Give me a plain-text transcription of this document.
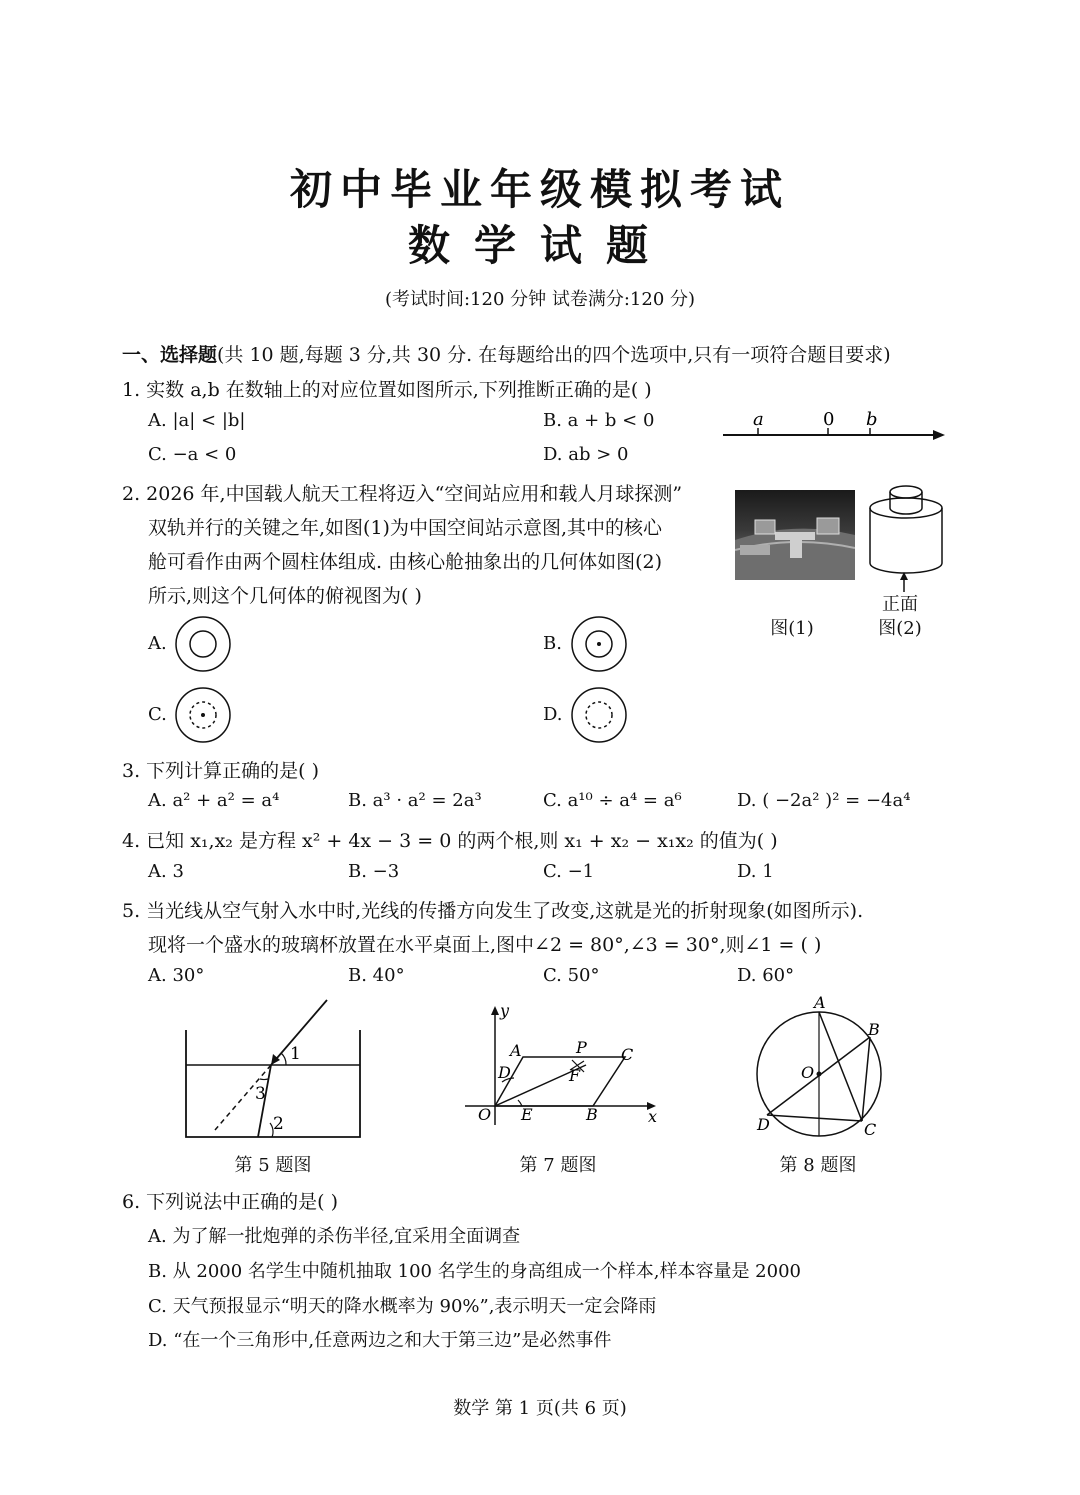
初中毕业年级模拟考试
数学试题
(考试时间:120 分钟 试卷满分:120 分)
一、选择题(共 10 题,每题 3 分,共 30 分. 在每题给出的四个选项中,只有一项符合题目要求)
1. 实数 a,b 在数轴上的对应位置如图所示,下列推断正确的是( )
A. |a| < |b|	B. a + b < 0
C. −a < 0	D. ab > 0
a	0 b
2. 2026 年,中国载人航天工程将迈入“空间站应用和载人月球探测”
双轨并行的关键之年,如图(1)为中国空间站示意图,其中的核心
舱可看作由两个圆柱体组成. 由核心舱抽象出的几何体如图(2)
所示,则这个几何体的俯视图为( )
图(1)
正面
图(2)
A.	B.
C.	D.
3. 下列计算正确的是( )
A. a² + a² = a⁴	B. a³ · a² = 2a³	C. a¹⁰ ÷ a⁴ = a⁶	D. ( −2a² )² = −4a⁴
4. 已知 x₁,x₂ 是方程 x² + 4x − 3 = 0 的两个根,则 x₁ + x₂ − x₁x₂ 的值为( )
A. 3	B. −3	C. −1	D. 1
5. 当光线从空气射入水中时,光线的传播方向发生了改变,这就是光的折射现象(如图所示).
现将一个盛水的玻璃杯放置在水平桌面上,图中∠2 = 80°,∠3 = 30°,则∠1 = ( )
A. 30°	B. 40°	C. 50°	D. 60°
1
2
3
第 5 题图
y
x
O
A	P C
D	F
E	B
第 7 题图
A
B
O
D	C
第 8 题图
6. 下列说法中正确的是( )
A. 为了解一批炮弹的杀伤半径,宜采用全面调查
B. 从 2000 名学生中随机抽取 100 名学生的身高组成一个样本,样本容量是 2000
C. 天气预报显示“明天的降水概率为 90%”,表示明天一定会降雨
D. “在一个三角形中,任意两边之和大于第三边”是必然事件
数学 第 1 页(共 6 页)
